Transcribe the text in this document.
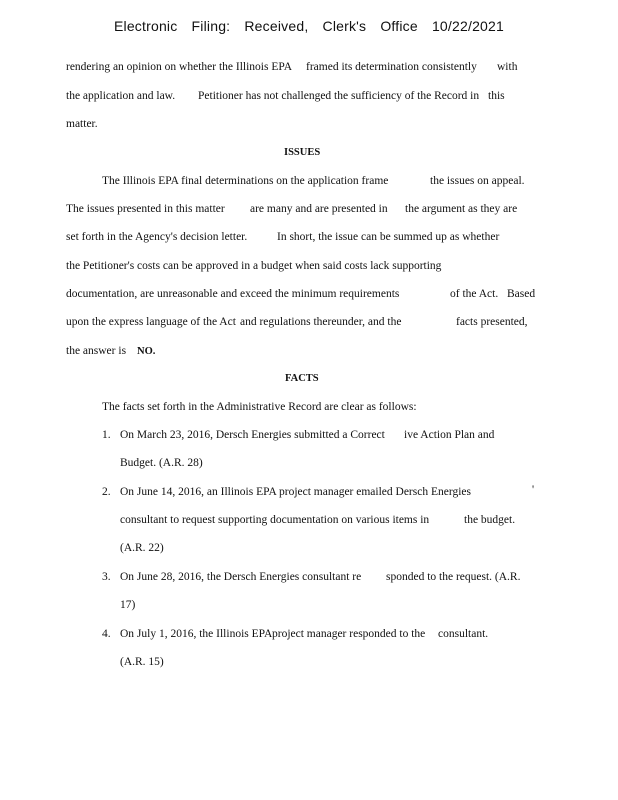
Electronic Filing: Received, Clerk's Office 10/22/2021
rendering an opinion on whether the Illinois EPA framed its determination consistently with
the application and law. Petitioner has not challenged the sufficiency of the Record in this
matter.
ISSUES
The Illinois EPA final determinations on the application frame	the issues on appeal.
The issues presented in this matter are many and are presented in the argument as they are
set forth in the Agency's decision letter.	In short, the issue can be summed up as whether
the Petitioner's costs can be approved in a budget when said costs lack supporting
documentation, are unreasonable and exceed the minimum requirements	of the Act. Based
upon the express language of the Act and regulations thereunder, and the	facts presented,
the answer is NO.
FACTS
The facts set forth in the Administrative Record are clear as follows:
1. On March 23, 2016, Dersch Energies submitted a Correct ive Action Plan and
Budget. (A.R. 28)
2. On June 14, 2016, an Illinois EPA project manager emailed Dersch Energies	'
consultant to request supporting documentation on various items in	the budget.
(A.R. 22)
3. On June 28, 2016, the Dersch Energies consultant re sponded to the request. (A.R.
17)
4. On July 1, 2016, the Illinois EPA project manager responded to the consultant.
(A.R. 15)
